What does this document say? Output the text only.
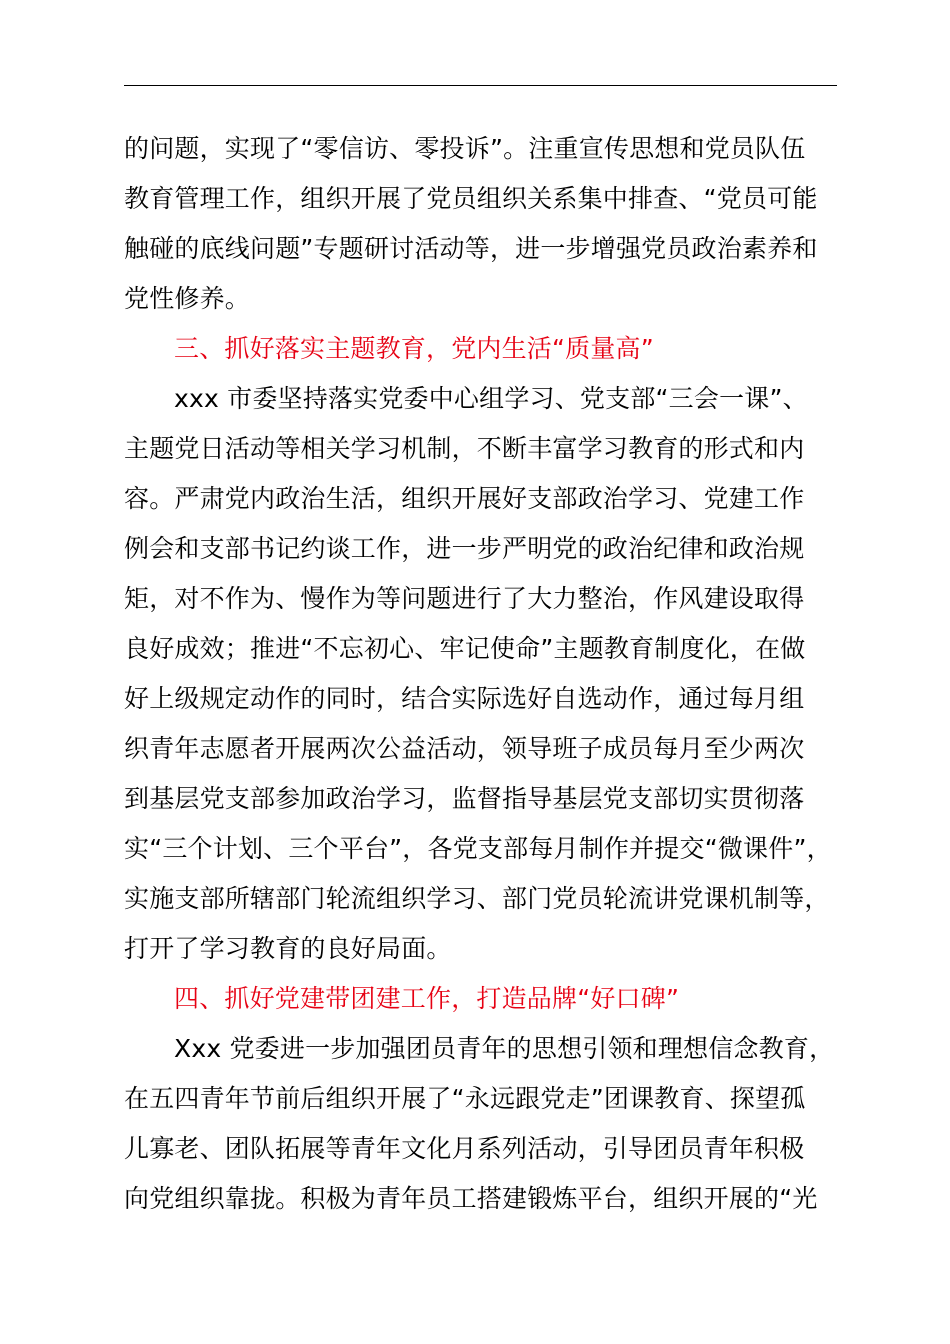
的问题，实现了“零信访、零投诉”。注重宣传思想和党员队伍
教育管理工作，组织开展了党员组织关系集中排查、“党员可能
触碰的底线问题”专题研讨活动等，进一步增强党员政治素养和
党性修养。
三、抓好落实主题教育，党内生活“质量高”
xxx 市委坚持落实党委中心组学习、党支部“三会一课”、
主题党日活动等相关学习机制，不断丰富学习教育的形式和内
容。严肃党内政治生活，组织开展好支部政治学习、党建工作
例会和支部书记约谈工作，进一步严明党的政治纪律和政治规
矩，对不作为、慢作为等问题进行了大力整治，作风建设取得
良好成效；推进“不忘初心、牢记使命”主题教育制度化，在做
好上级规定动作的同时，结合实际选好自选动作，通过每月组
织青年志愿者开展两次公益活动，领导班子成员每月至少两次
到基层党支部参加政治学习，监督指导基层党支部切实贯彻落
实“三个计划、三个平台”，各党支部每月制作并提交“微课件”，
实施支部所辖部门轮流组织学习、部门党员轮流讲党课机制等，
打开了学习教育的良好局面。
四、抓好党建带团建工作，打造品牌“好口碑”
Xxx 党委进一步加强团员青年的思想引领和理想信念教育，
在五四青年节前后组织开展了“永远跟党走”团课教育、探望孤
儿寡老、团队拓展等青年文化月系列活动，引导团员青年积极
向党组织靠拢。积极为青年员工搭建锻炼平台，组织开展的“光
